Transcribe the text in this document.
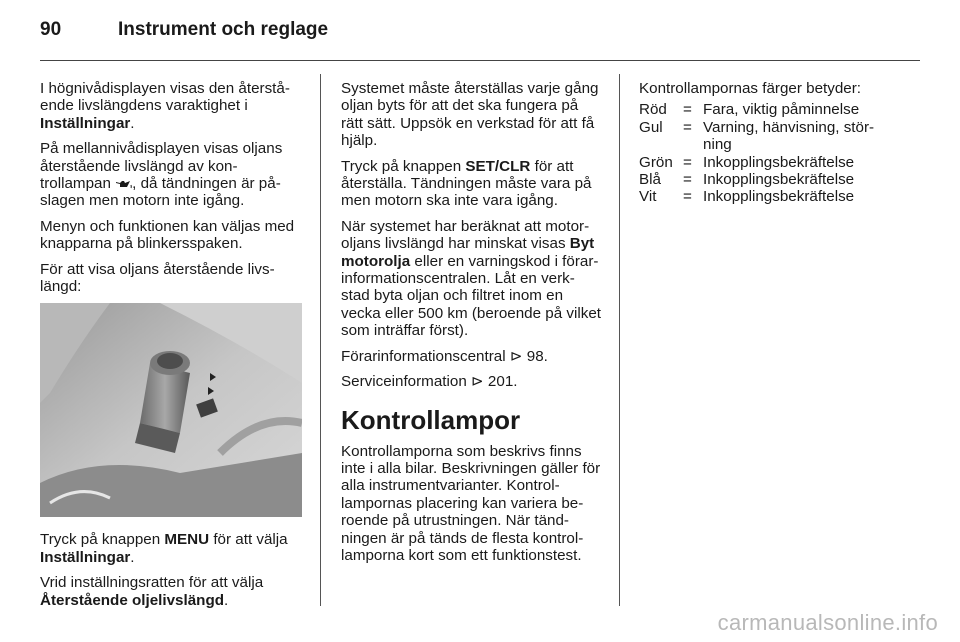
90	Instrument och reglage

I högnivådisplayen visas den återstå-ende livslängdens varaktighet i Inställningar.

På mellannivådisplayen visas oljans återstående livslängd av kon-trollampan , då tändningen är på-slagen men motorn inte igång.

Menyn och funktionen kan väljas med knapparna på blinkersspaken.

För att visa oljans återstående livs-längd:

Tryck på knappen MENU för att välja Inställningar.

Vrid inställningsratten för att välja Återstående oljelivslängd.

Systemet måste återställas varje gång oljan byts för att det ska fungera på rätt sätt. Uppsök en verkstad för att få hjälp.

Tryck på knappen SET/CLR för att återställa. Tändningen måste vara på men motorn ska inte vara igång.

När systemet har beräknat att motor-oljans livslängd har minskat visas Byt motorolja eller en varningskod i förar-informationscentralen. Låt en verk-stad byta oljan och filtret inom en vecka eller 500 km (beroende på vilket som inträffar först).

Förarinformationscentral ⊳ 98.

Serviceinformation ⊳ 201.

Kontrollampor

Kontrollamporna som beskrivs finns inte i alla bilar. Beskrivningen gäller för alla instrumentvarianter. Kontrol-lampornas placering kan variera be-roende på utrustningen. När tänd-ningen är på tänds de flesta kontrol-lamporna kort som ett funktionstest.

Kontrollampornas färger betyder:

Röd	= Fara, viktig påminnelse
Gul	= Varning, hänvisning, stör-ning
Grön = Inkopplingsbekräftelse
Blå	= Inkopplingsbekräftelse
Vit	= Inkopplingsbekräftelse
carmanualsonline.info
